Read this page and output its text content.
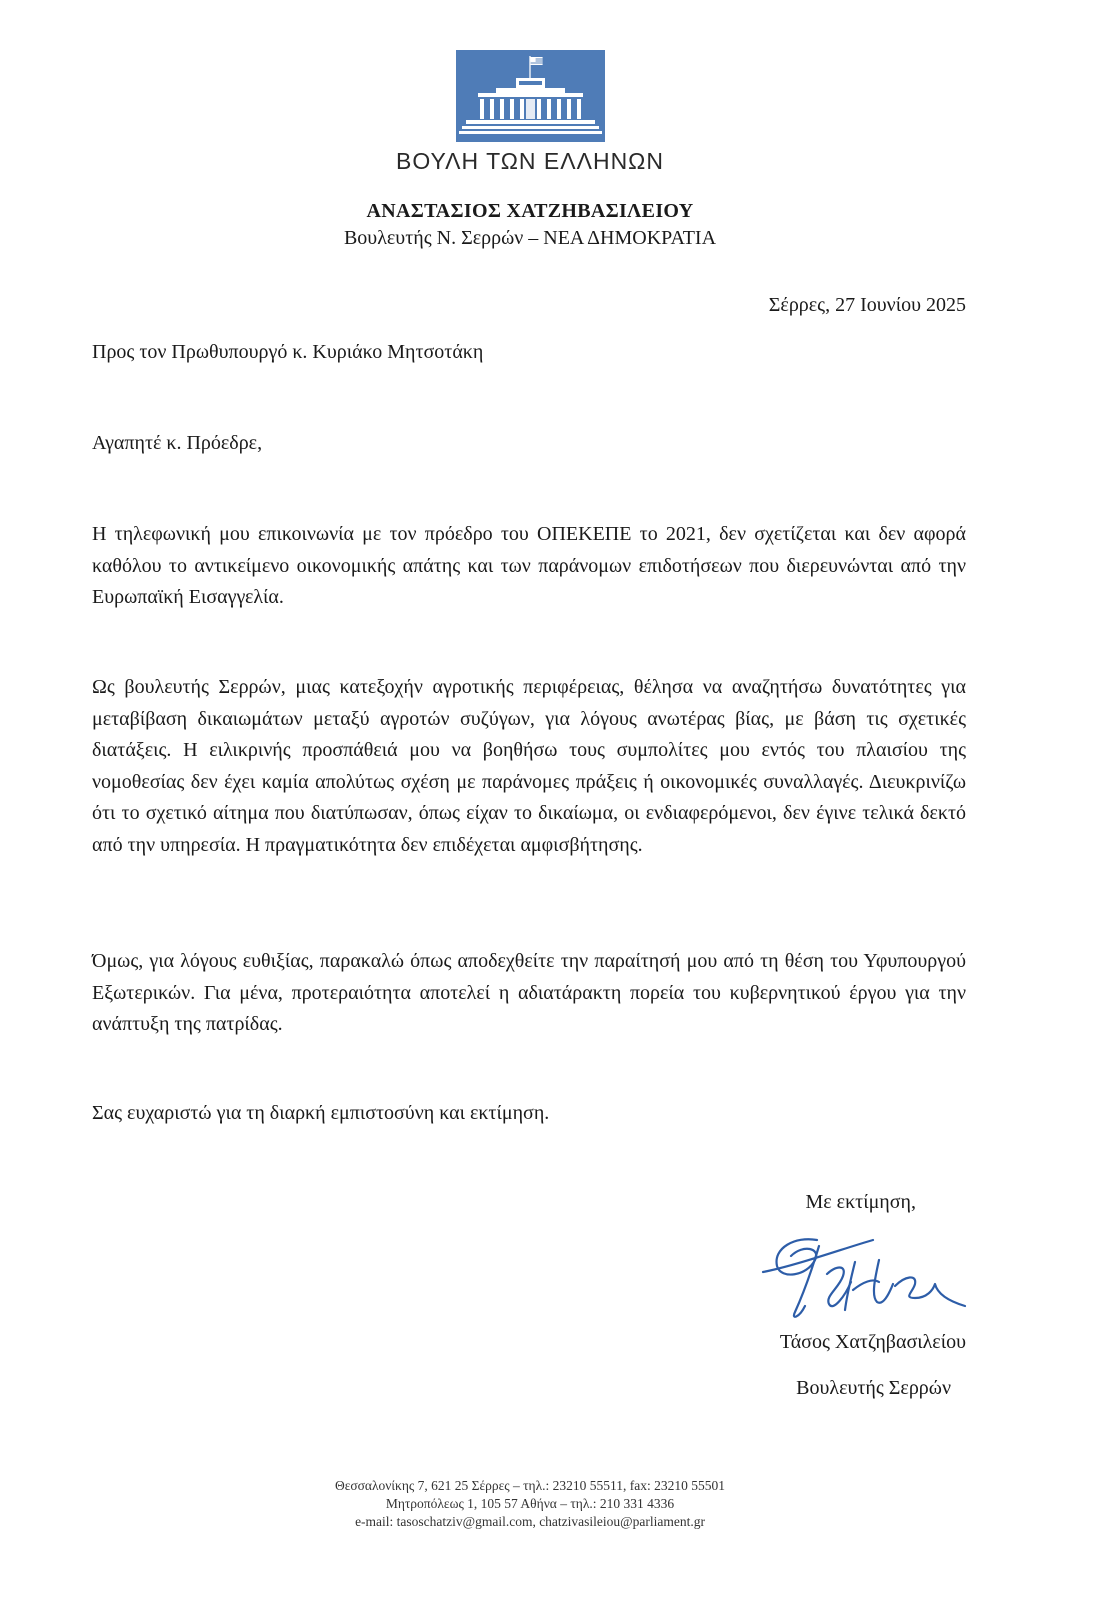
ΒΟΥΛΗ ΤΩΝ ΕΛΛΗΝΩΝ
ΑΝΑΣΤΑΣΙΟΣ ΧΑΤΖΗΒΑΣΙΛΕΙΟΥ
Βουλευτής Ν. Σερρών – ΝΕΑ ΔΗΜΟΚΡΑΤΙΑ
Σέρρες, 27 Ιουνίου 2025
Προς τον Πρωθυπουργό κ. Κυριάκο Μητσοτάκη
Αγαπητέ κ. Πρόεδρε,

Η τηλεφωνική μου επικοινωνία με τον πρόεδρο του ΟΠΕΚΕΠΕ το 2021, δεν σχετίζεται και δεν αφορά καθόλου το αντικείμενο οικονομικής απάτης και των παράνομων επιδοτήσεων που διερευνώνται από την Ευρωπαϊκή Εισαγγελία.

Ως βουλευτής Σερρών, μιας κατεξοχήν αγροτικής περιφέρειας, θέλησα να αναζητήσω δυνατότητες για μεταβίβαση δικαιωμάτων μεταξύ αγροτών συζύγων, για λόγους ανωτέρας βίας, με βάση τις σχετικές διατάξεις. Η ειλικρινής προσπάθειά μου να βοηθήσω τους συμπολίτες μου εντός του πλαισίου της νομοθεσίας δεν έχει καμία απολύτως σχέση με παράνομες πράξεις ή οικονομικές συναλλαγές. Διευκρινίζω ότι το σχετικό αίτημα που διατύπωσαν, όπως είχαν το δικαίωμα, οι ενδιαφερόμενοι, δεν έγινε τελικά δεκτό από την υπηρεσία. Η πραγματικότητα δεν επιδέχεται αμφισβήτησης.

Όμως, για λόγους ευθιξίας, παρακαλώ όπως αποδεχθείτε την παραίτησή μου από τη θέση του Υφυπουργού Εξωτερικών. Για μένα, προτεραιότητα αποτελεί η αδιατάρακτη πορεία του κυβερνητικού έργου για την ανάπτυξη της πατρίδας.

Σας ευχαριστώ για τη διαρκή εμπιστοσύνη και εκτίμηση.

Με εκτίμηση,
Τάσος Χατζηβασιλείου
Βουλευτής Σερρών
Θεσσαλονίκης 7, 621 25 Σέρρες – τηλ.: 23210 55511, fax: 23210 55501
Μητροπόλεως 1, 105 57 Αθήνα – τηλ.: 210 331 4336
e-mail: tasoschatziv@gmail.com, chatzivasileiou@parliament.gr
